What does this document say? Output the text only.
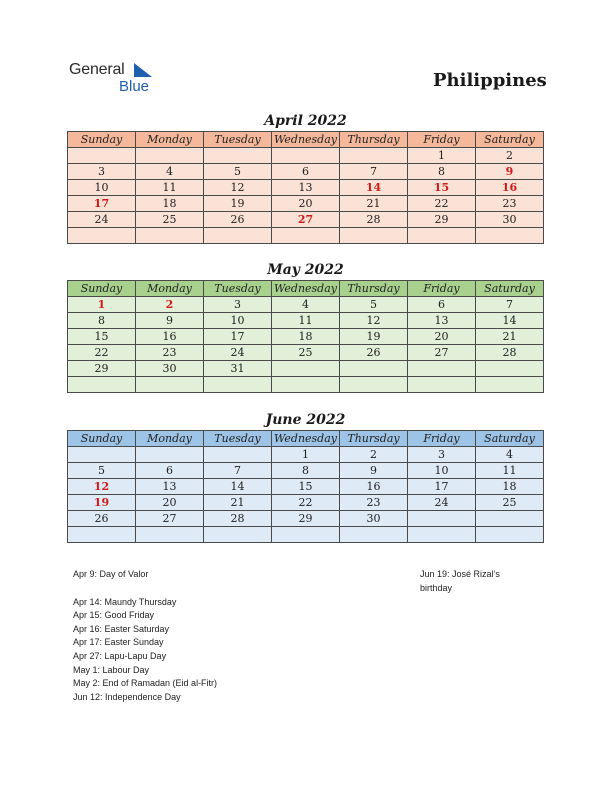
General
Blue	Philippines
April 2022
Sunday	Monday	Tuesday	Wednesday	Thursday	Friday	Saturday
					1	2
3	4	5	6	7	8	9
10	11	12	13	14	15	16
17	18	19	20	21	22	23
24	25	26	27	28	29	30

May 2022
Sunday	Monday	Tuesday	Wednesday	Thursday	Friday	Saturday
1	2	3	4	5	6	7
8	9	10	11	12	13	14
15	16	17	18	19	20	21
22	23	24	25	26	27	28
29	30	31				

June 2022
Sunday	Monday	Tuesday	Wednesday	Thursday	Friday	Saturday
			1	2	3	4
5	6	7	8	9	10	11
12	13	14	15	16	17	18
19	20	21	22	23	24	25
26	27	28	29	30		

Apr 9: Day of Valor
Apr 14: Maundy Thursday
Apr 15: Good Friday
Apr 16: Easter Saturday
Apr 17: Easter Sunday
Apr 27: Lapu-Lapu Day
May 1: Labour Day
May 2: End of Ramadan (Eid al-Fitr)
Jun 12: Independence Day
Jun 19: José Rizal’s
birthday
